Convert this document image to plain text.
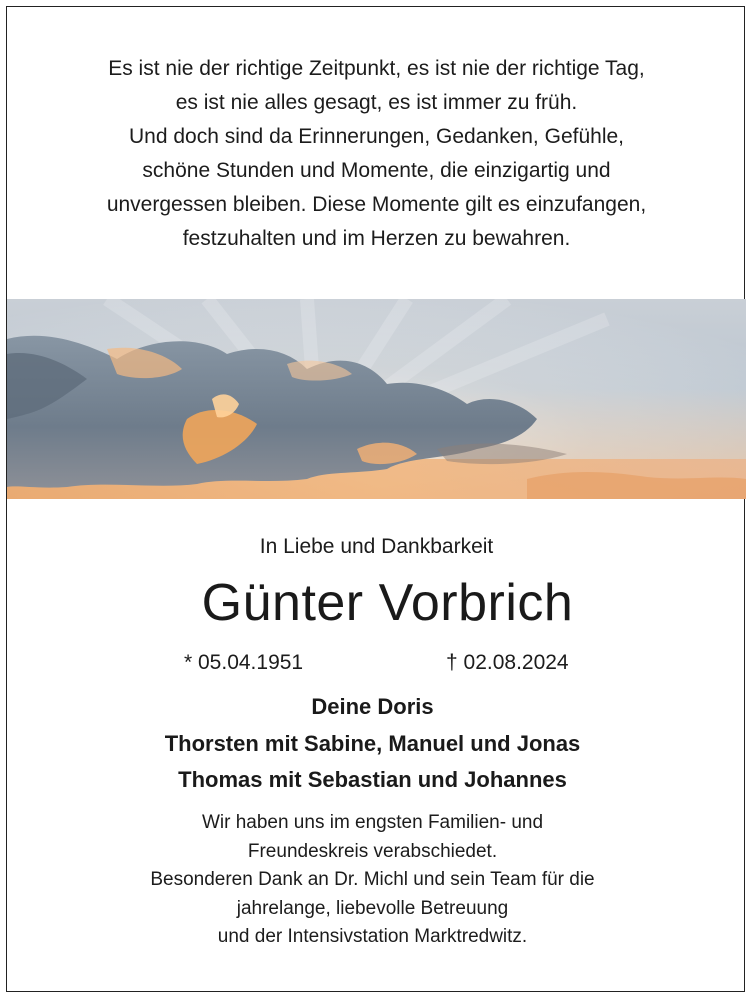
Es ist nie der richtige Zeitpunkt, es ist nie der richtige Tag,
es ist nie alles gesagt, es ist immer zu früh.
Und doch sind da Erinnerungen, Gedanken, Gefühle,
schöne Stunden und Momente, die einzigartig und
unvergessen bleiben. Diese Momente gilt es einzufangen,
festzuhalten und im Herzen zu bewahren.
In Liebe und Dankbarkeit
Günter Vorbrich
* 05.04.1951	† 02.08.2024
Deine Doris
Thorsten mit Sabine, Manuel und Jonas
Thomas mit Sebastian und Johannes
Wir haben uns im engsten Familien- und
Freundeskreis verabschiedet.
Besonderen Dank an Dr. Michl und sein Team für die
jahrelange, liebevolle Betreuung
und der Intensivstation Marktredwitz.
